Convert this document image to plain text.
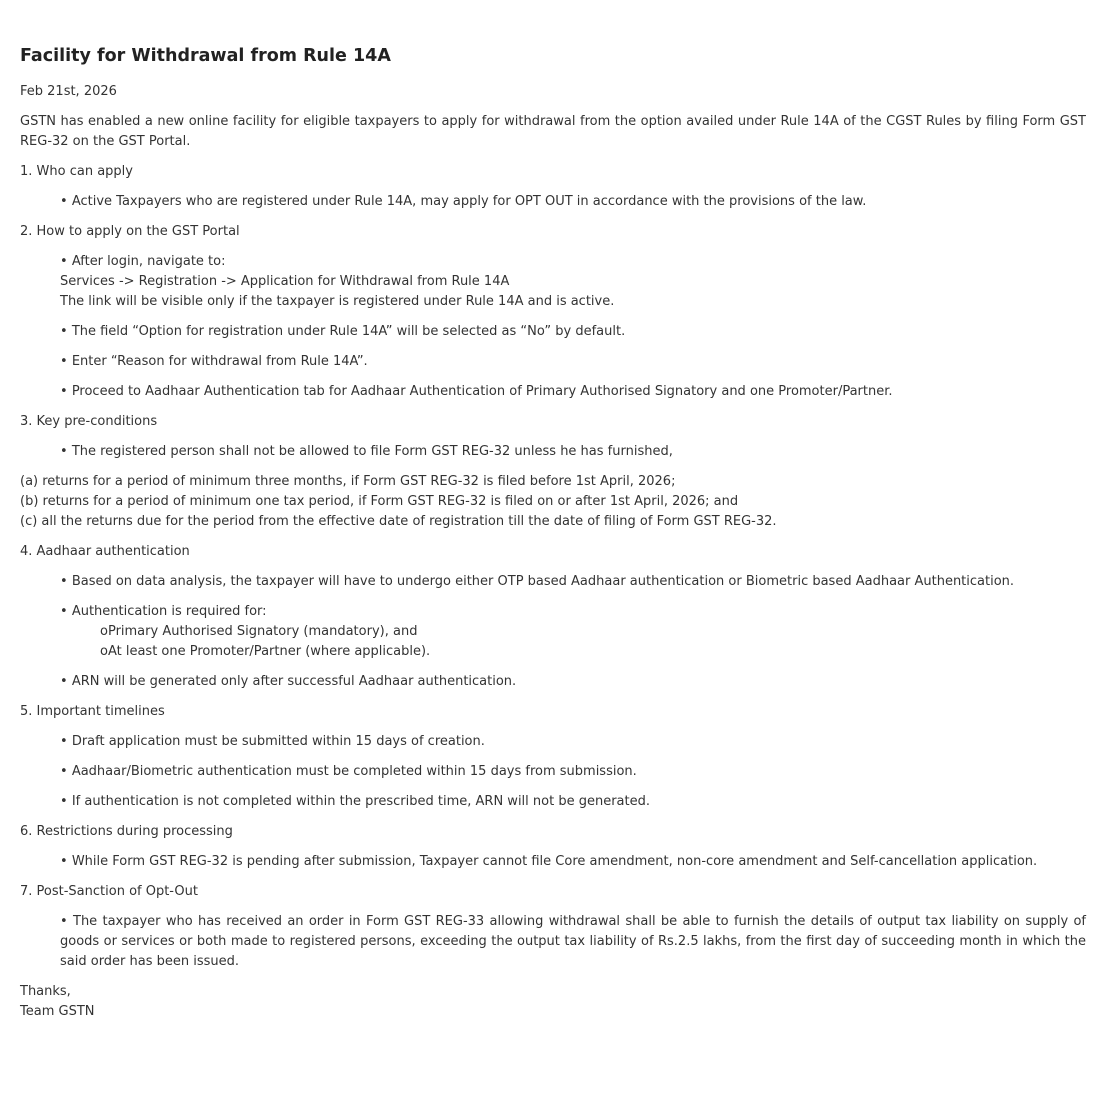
Facility for Withdrawal from Rule 14A
Feb 21st, 2026

GSTN has enabled a new online facility for eligible taxpayers to apply for withdrawal from the option availed under Rule 14A of the CGST Rules by filing Form GST REG-32 on the GST Portal.

1. Who can apply
• Active Taxpayers who are registered under Rule 14A, may apply for OPT OUT in accordance with the provisions of the law.
2. How to apply on the GST Portal
• After login, navigate to:
Services -> Registration -> Application for Withdrawal from Rule 14A
The link will be visible only if the taxpayer is registered under Rule 14A and is active.
• The field “Option for registration under Rule 14A” will be selected as “No” by default.
• Enter “Reason for withdrawal from Rule 14A”.
• Proceed to Aadhaar Authentication tab for Aadhaar Authentication of Primary Authorised Signatory and one Promoter/Partner.
3. Key pre-conditions
• The registered person shall not be allowed to file Form GST REG-32 unless he has furnished,
(a) returns for a period of minimum three months, if Form GST REG-32 is filed before 1st April, 2026;
(b) returns for a period of minimum one tax period, if Form GST REG-32 is filed on or after 1st April, 2026; and
(c) all the returns due for the period from the effective date of registration till the date of filing of Form GST REG-32.
4. Aadhaar authentication
• Based on data analysis, the taxpayer will have to undergo either OTP based Aadhaar authentication or Biometric based Aadhaar Authentication.
• Authentication is required for:
oPrimary Authorised Signatory (mandatory), and
oAt least one Promoter/Partner (where applicable).
• ARN will be generated only after successful Aadhaar authentication.
5. Important timelines
• Draft application must be submitted within 15 days of creation.
• Aadhaar/Biometric authentication must be completed within 15 days from submission.
• If authentication is not completed within the prescribed time, ARN will not be generated.
6. Restrictions during processing
• While Form GST REG-32 is pending after submission, Taxpayer cannot file Core amendment, non-core amendment and Self-cancellation application.
7. Post-Sanction of Opt-Out
• The taxpayer who has received an order in Form GST REG-33 allowing withdrawal shall be able to furnish the details of output tax liability on supply of goods or services or both made to registered persons, exceeding the output tax liability of Rs.2.5 lakhs, from the first day of succeeding month in which the said order has been issued.
Thanks,
Team GSTN
